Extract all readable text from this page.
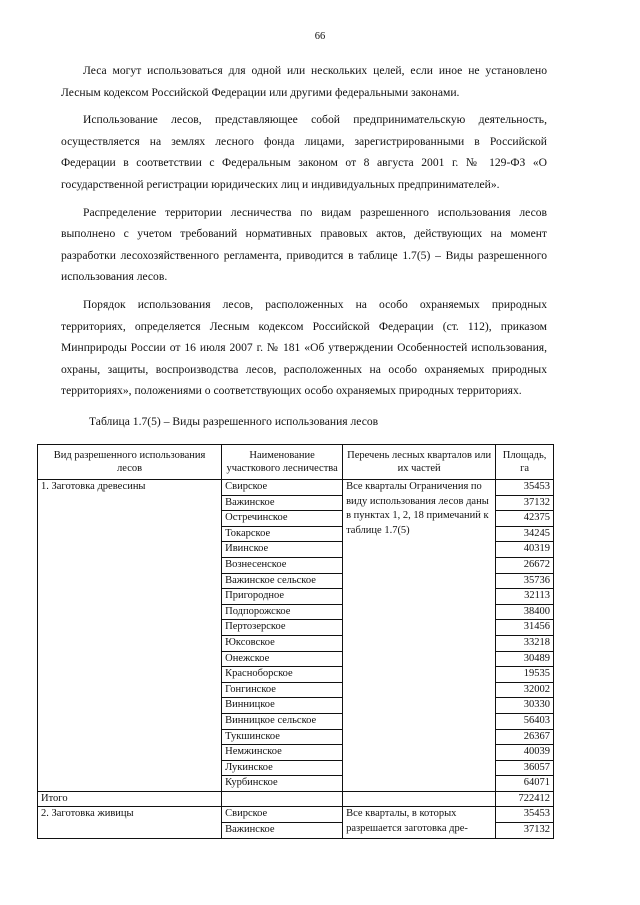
66

Леса могут использоваться для одной или нескольких целей, если иное не установлено Лесным кодексом Российской Федерации или другими федеральными законами.

Использование лесов, представляющее собой предпринимательскую деятельность, осуществляется на землях лесного фонда лицами, зарегистрированными в Российской Федерации в соответствии с Федеральным законом от 8 августа 2001 г. № 129-ФЗ «О государственной регистрации юридических лиц и индивидуальных предпринимателей».

Распределение территории лесничества по видам разрешенного использования лесов выполнено с учетом требований нормативных правовых актов, действующих на момент разработки лесохозяйственного регламента, приводится в таблице 1.7(5) – Виды разрешенного использования лесов.

Порядок использования лесов, расположенных на особо охраняемых природных территориях, определяется Лесным кодексом Российской Федерации (ст. 112), приказом Минприроды России от 16 июля 2007 г. № 181 «Об утверждении Особенностей использования, охраны, защиты, воспроизводства лесов, расположенных на особо охраняемых природных территориях», положениями о соответствующих особо охраняемых природных территориях.

Таблица 1.7(5) – Виды разрешенного использования лесов
Вид разрешенного использования лесов	Наименование участкового лесничества	Перечень лесных кварталов или их частей	Площадь, га
1. Заготовка древесины	Свирское	Все кварталы Ограничения по виду использования лесов даны в пунктах 1, 2, 18 примечаний к таблице 1.7(5)	35453
	Важинское		37132
	Остречинское		42375
	Токарское		34245
	Ивинское		40319
	Вознесенское		26672
	Важинское сельское		35736
	Пригородное		32113
	Подпорожское		38400
	Пертозерское		31456
	Юксовское		33218
	Онежское		30489
	Красноборское		19535
	Гонгинское		32002
	Винницкое		30330
	Винницкое сельское		56403
	Тукшинское		26367
	Немжинское		40039
	Лукинское		36057
	Курбинское		64071
Итого			722412
2. Заготовка живицы	Свирское	Все кварталы, в которых разрешается заготовка дре-	35453
	Важинское		37132
